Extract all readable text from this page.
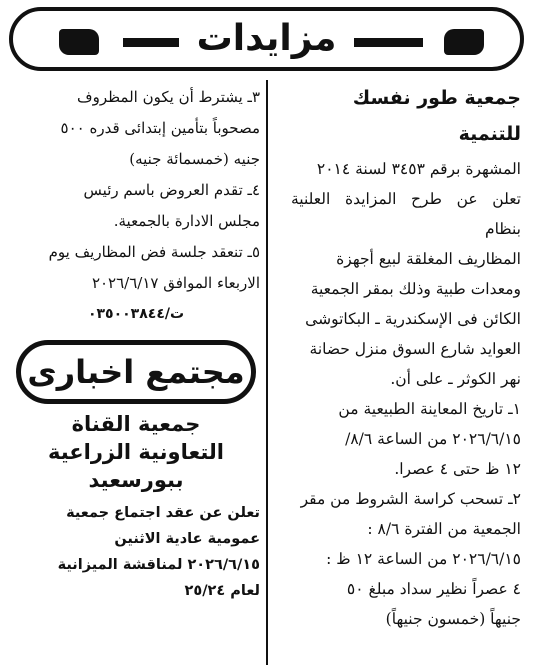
مزايدات
جمعية طور نفسك للتنمية

المشهرة برقم ٣٤٥٣ لسنة ٢٠١٤
تعلن عن طرح المزايدة العلنية بنظام
المظاريف المغلقة لبيع أجهزة
ومعدات طبية وذلك بمقر الجمعية
الكائن فى الإسكندرية ـ البكاتوشى
العوايد شارع السوق منزل حضانة
نهر الكوثر ـ على أن.
١ـ تاريخ المعاينة الطبيعية من
٢٠٢٦/٦/١٥ من الساعة ٨/٦/
١٢ ظ حتى ٤ عصرا.
٢ـ تسحب كراسة الشروط من مقر
الجمعية من الفترة ٨/٦ :
٢٠٢٦/٦/١٥ من الساعة ١٢ ظ :
٤ عصراً نظير سداد مبلغ ٥٠
جنيهاً (خمسون جنيهاً)

٣ـ يشترط أن يكون المظروف
مصحوباً بتأمين إبتدائى قدره ٥٠٠
جنيه (خمسمائة جنيه)
٤ـ تقدم العروض باسم رئيس
مجلس الادارة بالجمعية.
٥ـ تنعقد جلسة فض المظاريف يوم
الاربعاء الموافق ٢٠٢٦/٦/١٧

ت/٠٣٥٠٠٣٨٤٤
مجتمع اخبارى
جمعية القناة
التعاونية الزراعية
ببورسعيد
تعلن عن عقد اجتماع جمعية
عمومية عادية الاثنين
٢٠٢٦/٦/١٥ لمناقشة الميزانية
لعام ٢٥/٢٤
